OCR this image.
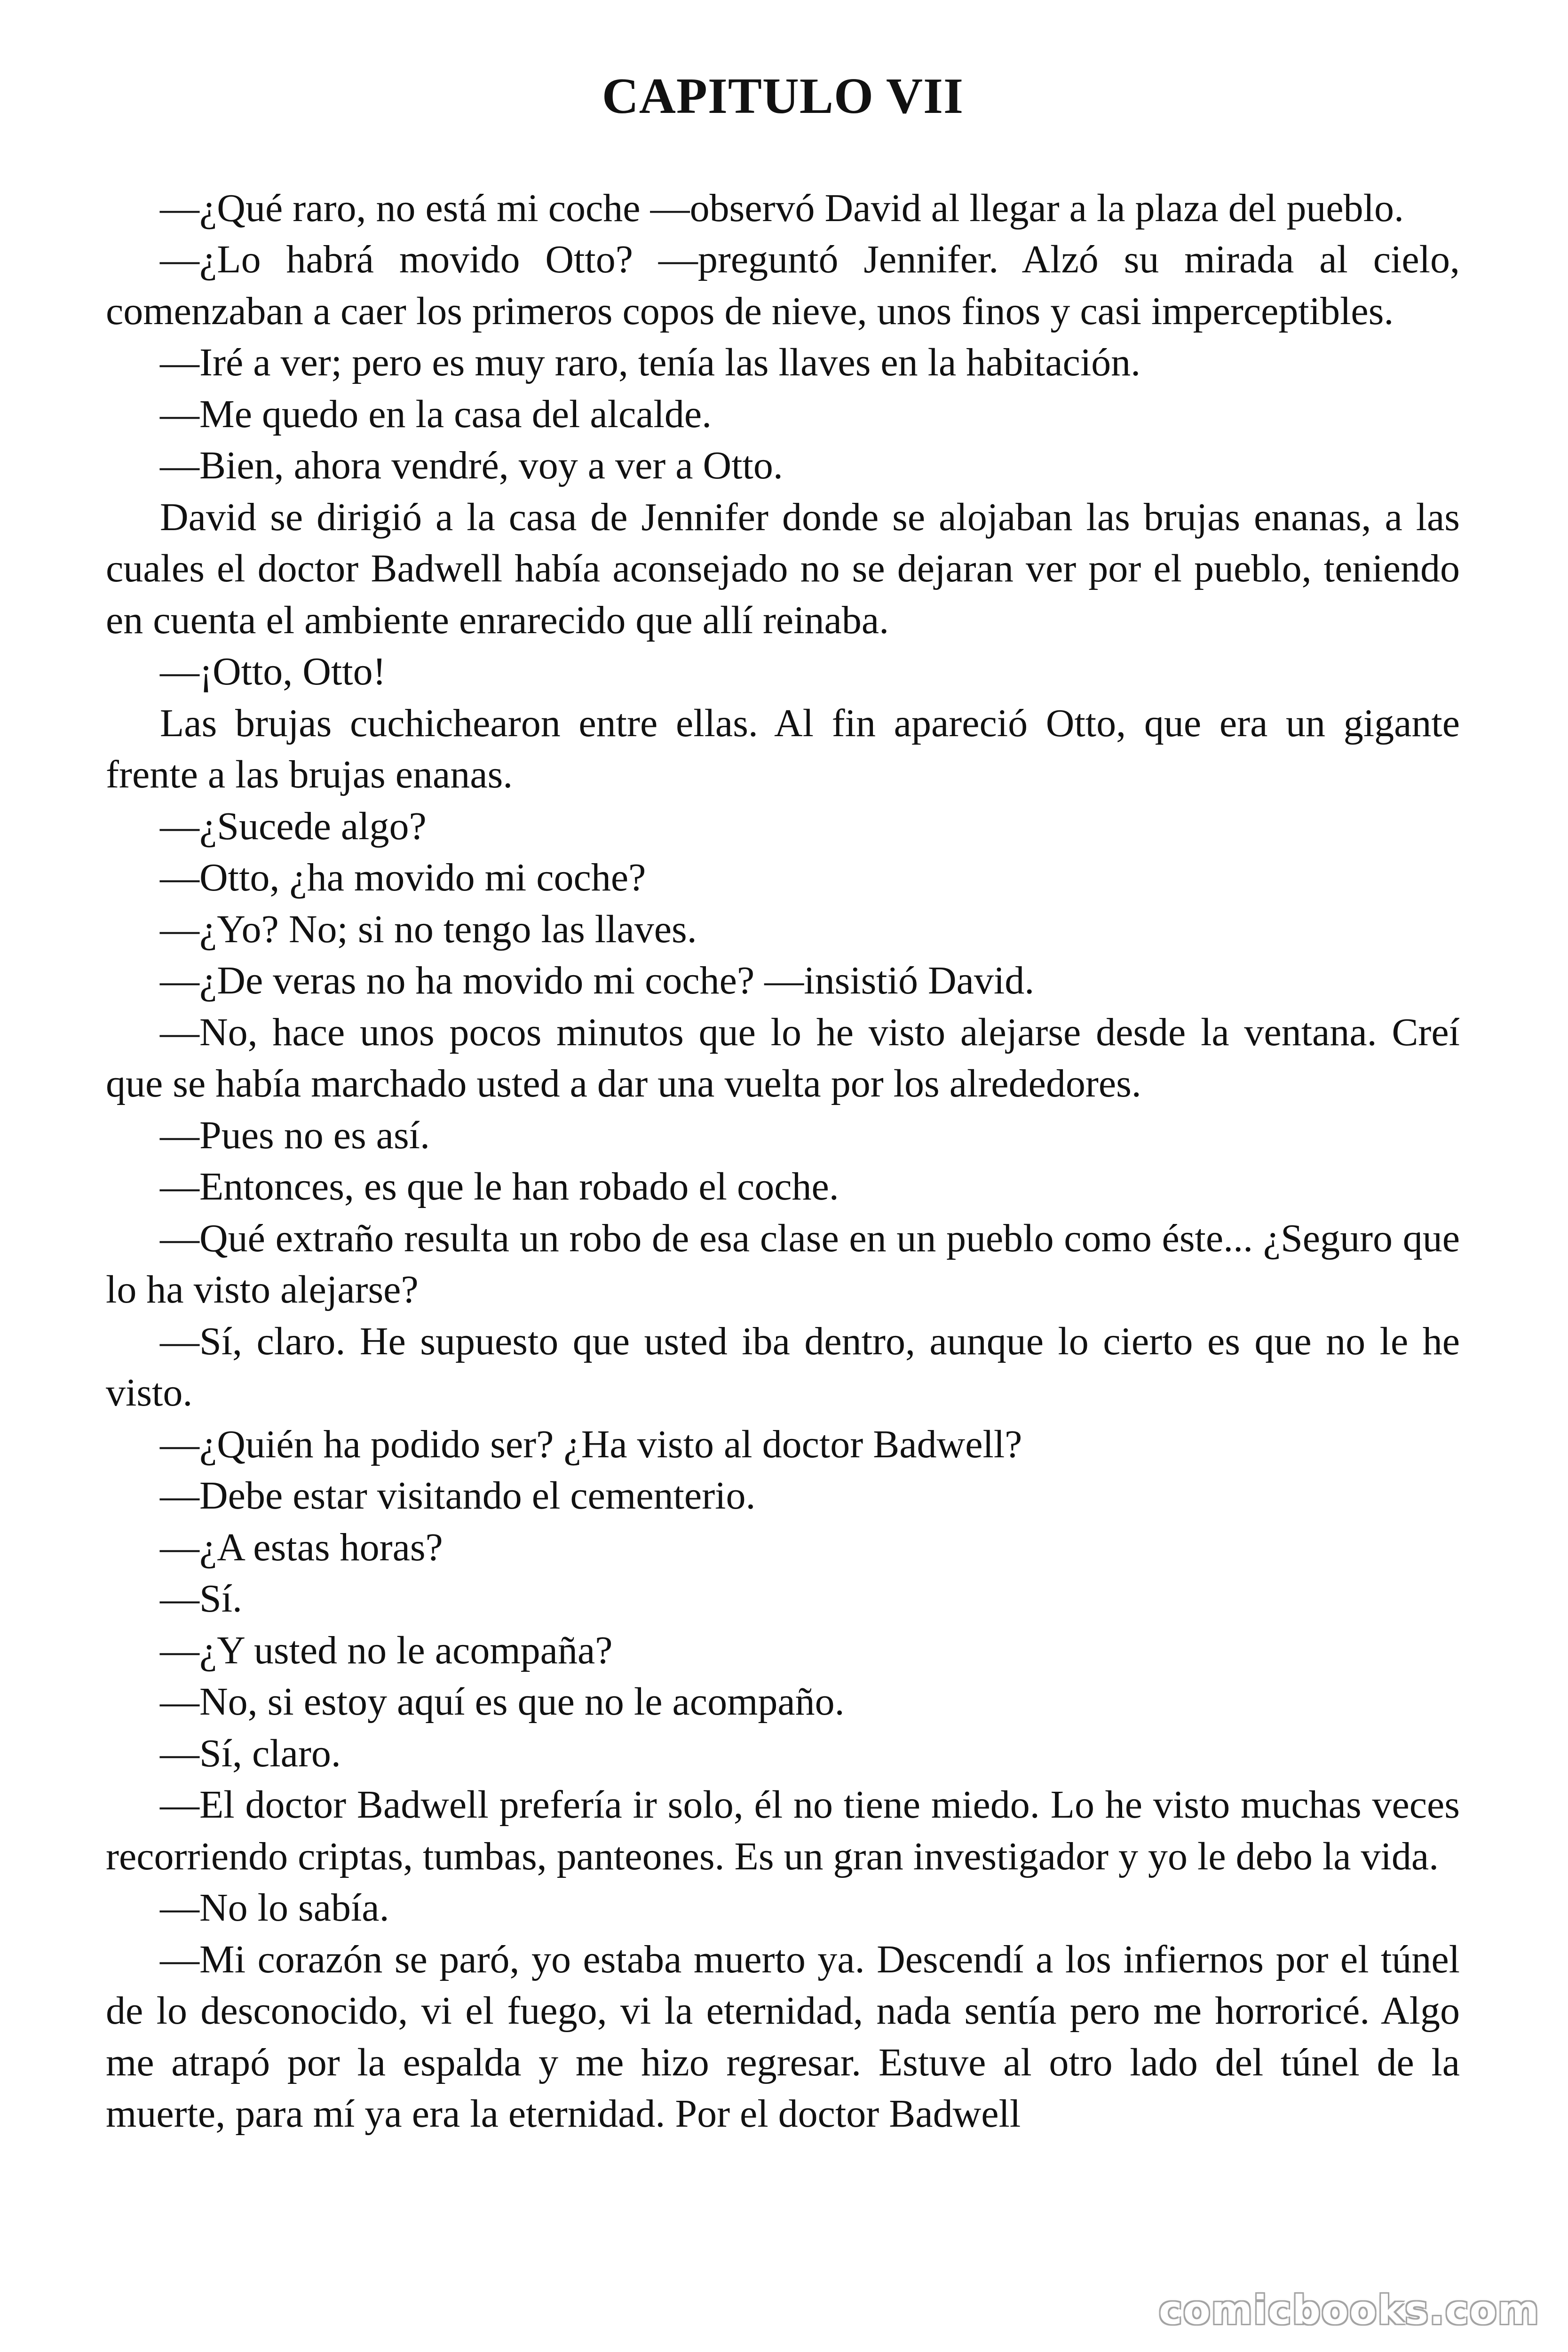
CAPITULO VII

—¿Qué raro, no está mi coche —observó David al llegar a la plaza del pueblo.

—¿Lo habrá movido Otto? —preguntó Jennifer. Alzó su mirada al cielo, comenzaban a caer los primeros copos de nieve, unos finos y casi imperceptibles.

—Iré a ver; pero es muy raro, tenía las llaves en la habitación.

—Me quedo en la casa del alcalde.

—Bien, ahora vendré, voy a ver a Otto.

David se dirigió a la casa de Jennifer donde se alojaban las brujas enanas, a las cuales el doctor Badwell había aconsejado no se dejaran ver por el pueblo, teniendo en cuenta el ambiente enrarecido que allí reinaba.

—¡Otto, Otto!

Las brujas cuchichearon entre ellas. Al fin apareció Otto, que era un gigante frente a las brujas enanas.

—¿Sucede algo?

—Otto, ¿ha movido mi coche?

—¿Yo? No; si no tengo las llaves.

—¿De veras no ha movido mi coche? —insistió David.

—No, hace unos pocos minutos que lo he visto alejarse desde la ventana. Creí que se había marchado usted a dar una vuelta por los alrededores.

—Pues no es así.

—Entonces, es que le han robado el coche.

—Qué extraño resulta un robo de esa clase en un pueblo como éste... ¿Seguro que lo ha visto alejarse?

—Sí, claro. He supuesto que usted iba dentro, aunque lo cierto es que no le he visto.

—¿Quién ha podido ser? ¿Ha visto al doctor Badwell?

—Debe estar visitando el cementerio.

—¿A estas horas?

—Sí.

—¿Y usted no le acompaña?

—No, si estoy aquí es que no le acompaño.

—Sí, claro.

—El doctor Badwell prefería ir solo, él no tiene miedo. Lo he visto muchas veces recorriendo criptas, tumbas, panteones. Es un gran investigador y yo le debo la vida.

—No lo sabía.

—Mi corazón se paró, yo estaba muerto ya. Descendí a los infiernos por el túnel de lo desconocido, vi el fuego, vi la eternidad, nada sentía pero me horroricé. Algo me atrapó por la espalda y me hizo regresar. Estuve al otro lado del túnel de la muerte, para mí ya era la eternidad. Por el doctor Badwell

comicbooks.com
